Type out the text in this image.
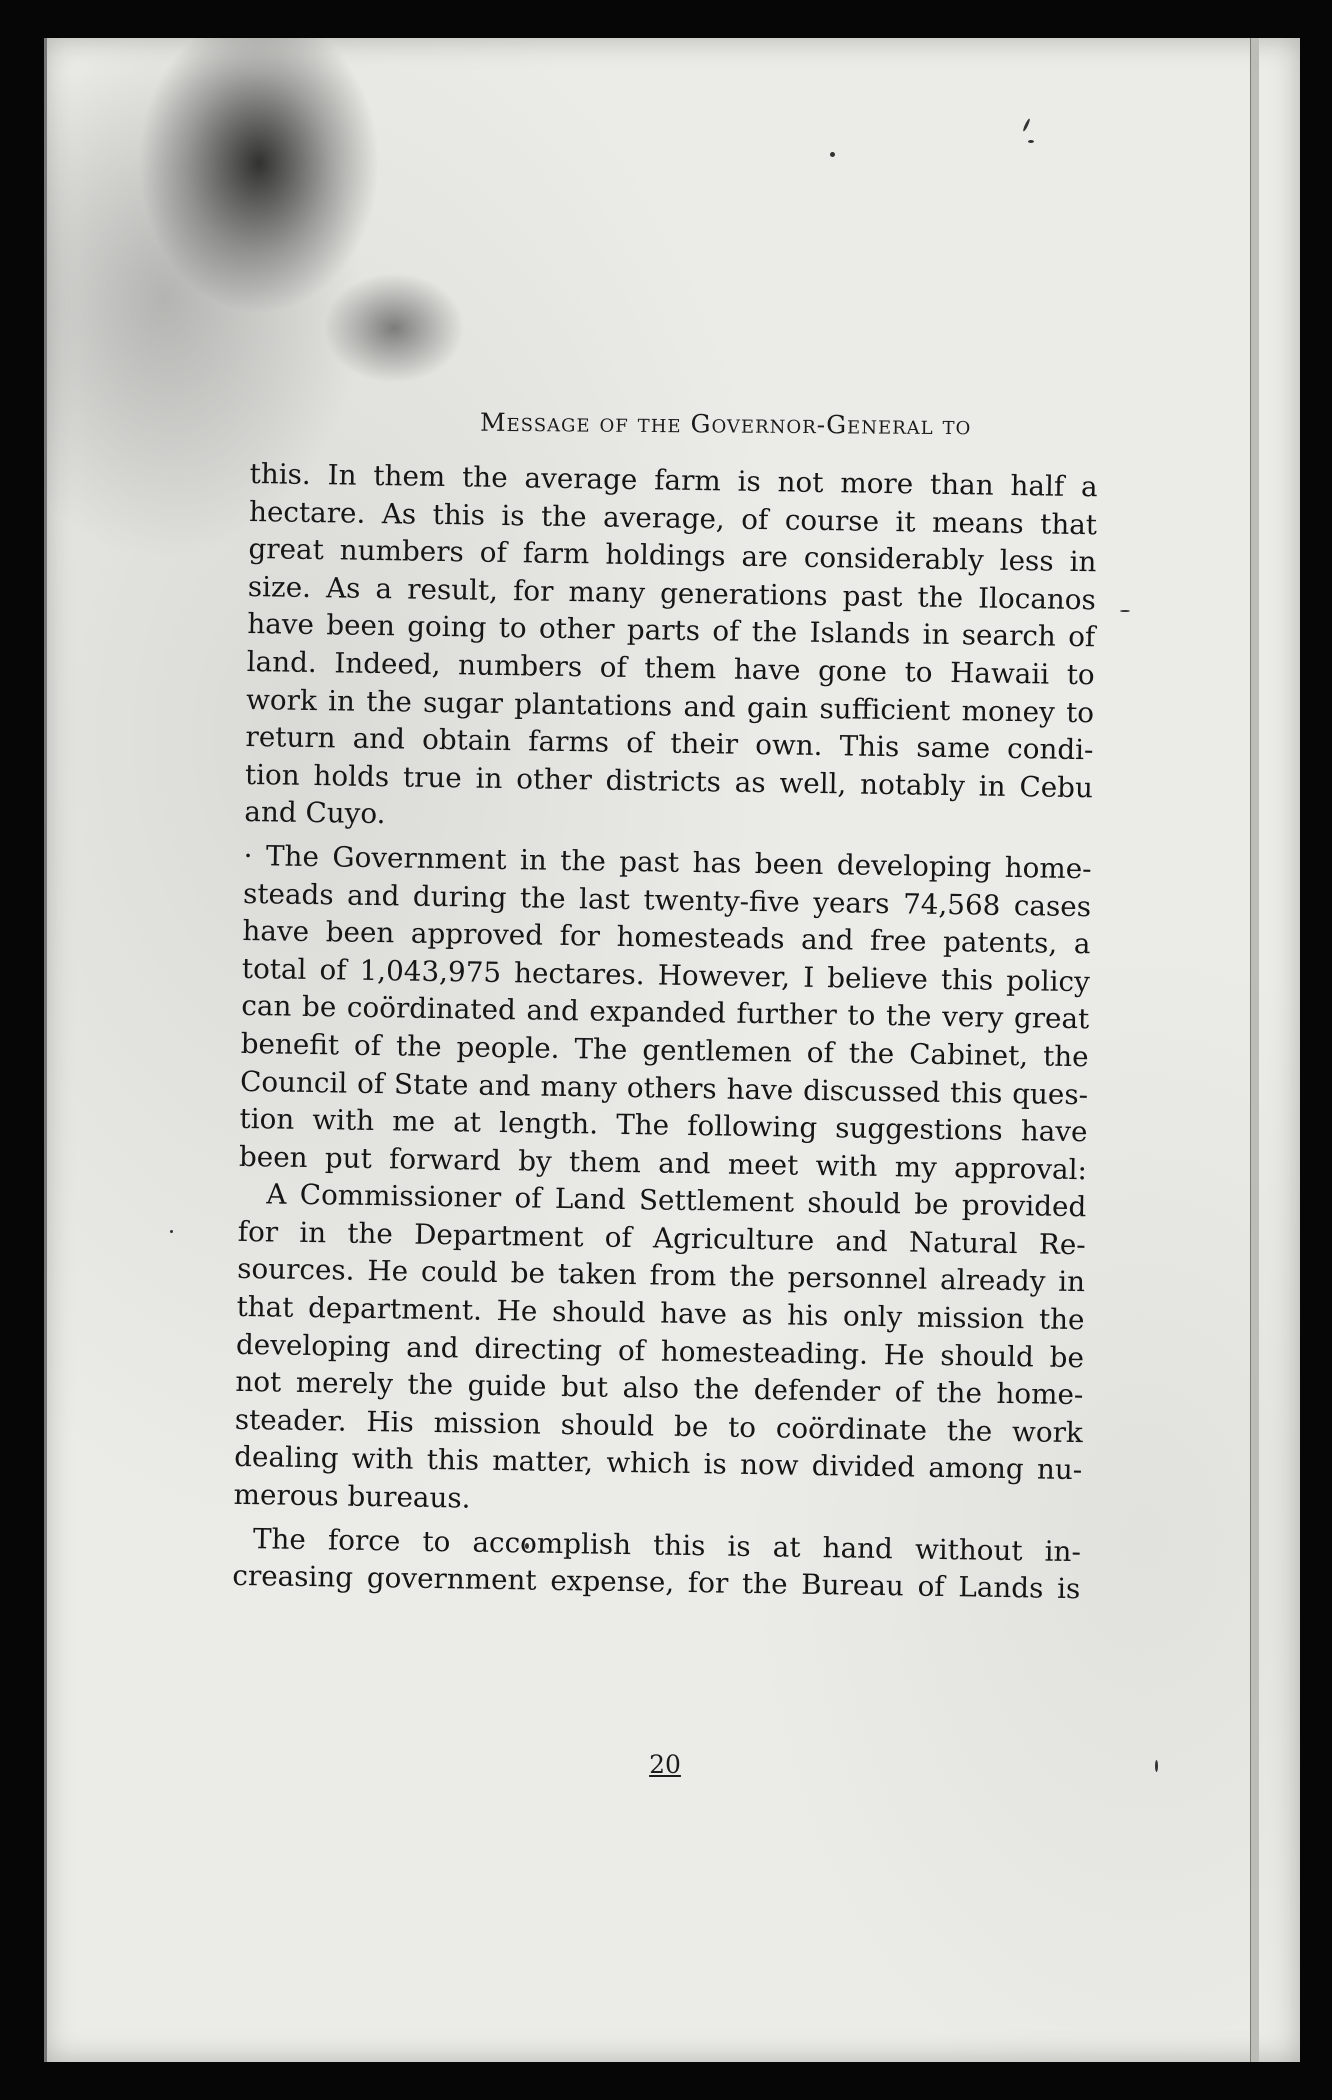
Message of the Governor-General to
this. In them the average farm is not more than half a
hectare. As this is the average, of course it means that
great numbers of farm holdings are considerably less in
size. As a result, for many generations past the Ilocanos
have been going to other parts of the Islands in search of
land. Indeed, numbers of them have gone to Hawaii to
work in the sugar plantations and gain sufficient money to
return and obtain farms of their own. This same condi-
tion holds true in other districts as well, notably in Cebu
and Cuyo.
· The Government in the past has been developing home-
steads and during the last twenty-five years 74,568 cases
have been approved for homesteads and free patents, a
total of 1,043,975 hectares. However, I believe this policy
can be coördinated and expanded further to the very great
benefit of the people. The gentlemen of the Cabinet, the
Council of State and many others have discussed this ques-
tion with me at length. The following suggestions have
been put forward by them and meet with my approval:
A Commissioner of Land Settlement should be provided
for in the Department of Agriculture and Natural Re-
sources. He could be taken from the personnel already in
that department. He should have as his only mission the
developing and directing of homesteading. He should be
not merely the guide but also the defender of the home-
steader. His mission should be to coördinate the work
dealing with this matter, which is now divided among nu-
merous bureaus.
The force to accomplish this is at hand without in-
creasing government expense, for the Bureau of Lands is
20
